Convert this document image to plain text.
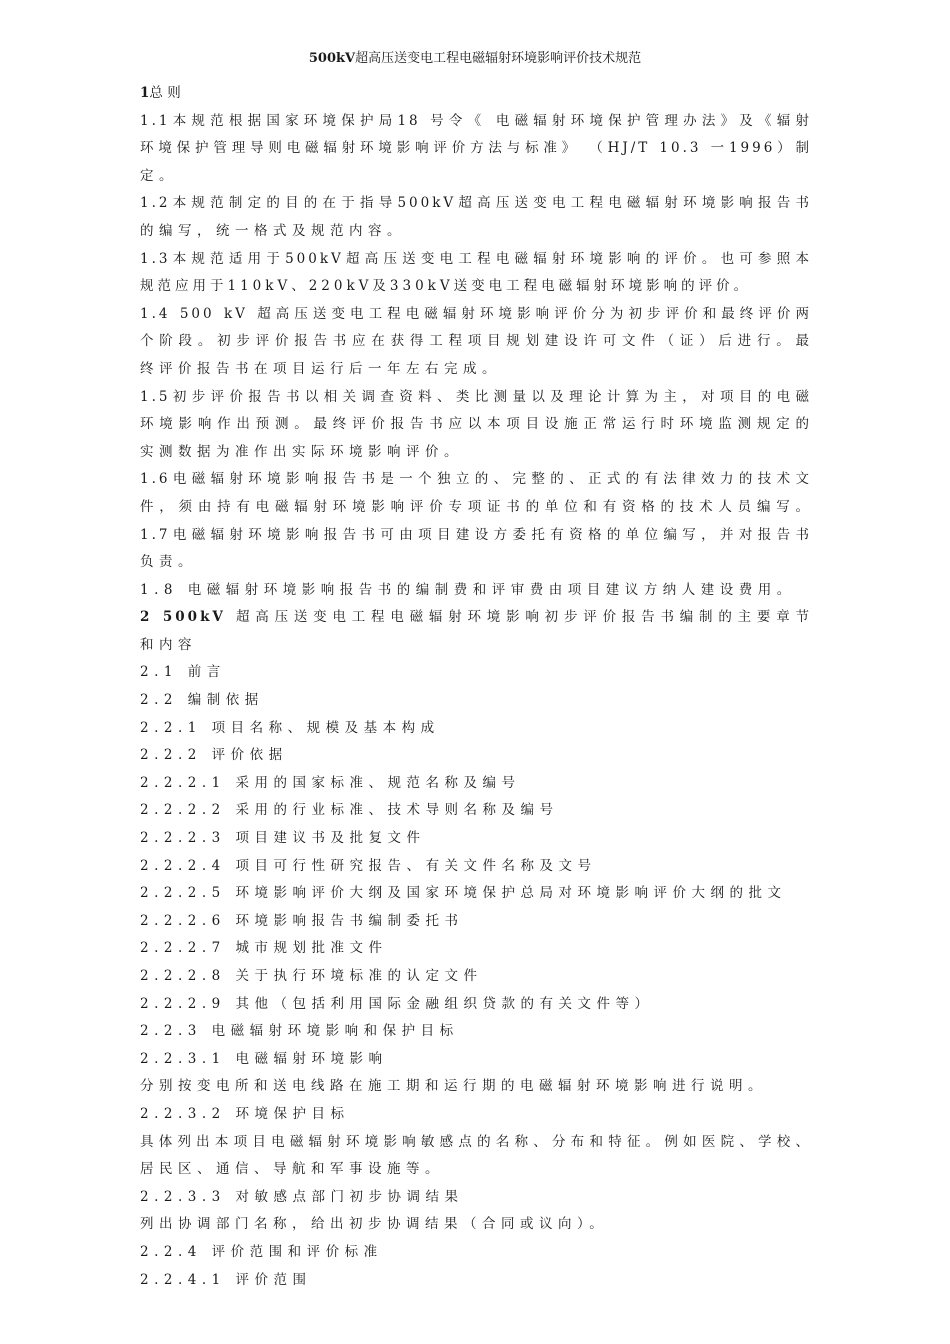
500kV超高压送变电工程电磁辐射环境影响评价技术规范
1总 则
1.1本规范根据国家环境保护局18 号令《 电磁辐射环境保护管理办法》及《辐射
环境保护管理导则电磁辐射环境影响评价方法与标准》 （HJ/T 10.3 一1996）制
定。
1.2本规范制定的目的在于指导500kV超高压送变电工程电磁辐射环境影响报告书
的编写，统一格式及规范内容。
1.3本规范适用于500kV超高压送变电工程电磁辐射环境影响的评价。也可参照本
规范应用于110kV、220kV及330kV送变电工程电磁辐射环境影响的评价。
1.4 500 kV 超高压送变电工程电磁辐射环境影响评价分为初步评价和最终评价两
个阶段。初步评价报告书应在获得工程项目规划建设许可文件（证）后进行。最
终评价报告书在项目运行后一年左右完成。
1.5初步评价报告书以相关调查资料、类比测量以及理论计算为主，对项目的电磁
环境影响作出预测。最终评价报告书应以本项目设施正常运行时环境监测规定的
实测数据为准作出实际环境影响评价。
1.6电磁辐射环境影响报告书是一个独立的、完整的、正式的有法律效力的技术文
件，须由持有电磁辐射环境影响评价专项证书的单位和有资格的技术人员编写。
1.7电磁辐射环境影响报告书可由项目建设方委托有资格的单位编写，并对报告书
负责。
1.8 电磁辐射环境影响报告书的编制费和评审费由项目建议方纳人建设费用。
2 500kV 超高压送变电工程电磁辐射环境影响初步评价报告书编制的主要章节
和内容
2.1 前言
2.2 编制依据
2.2.1 项目名称、规模及基本构成
2.2.2 评价依据
2.2.2.1 采用的国家标准、规范名称及编号
2.2.2.2 采用的行业标准、技术导则名称及编号
2.2.2.3 项目建议书及批复文件
2.2.2.4 项目可行性研究报告、有关文件名称及文号
2.2.2.5 环境影响评价大纲及国家环境保护总局对环境影响评价大纲的批文
2.2.2.6 环境影响报告书编制委托书
2.2.2.7 城市规划批准文件
2.2.2.8 关于执行环境标准的认定文件
2.2.2.9 其他（包括利用国际金融组织贷款的有关文件等）
2.2.3 电磁辐射环境影响和保护目标
2.2.3.1 电磁辐射环境影响
分别按变电所和送电线路在施工期和运行期的电磁辐射环境影响进行说明。
2.2.3.2 环境保护目标
具体列出本项目电磁辐射环境影响敏感点的名称、分布和特征。例如医院、学校、
居民区、通信、导航和军事设施等。
2.2.3.3 对敏感点部门初步协调结果
列出协调部门名称，给出初步协调结果（合同或议向）。
2.2.4 评价范围和评价标准
2.2.4.1 评价范围
